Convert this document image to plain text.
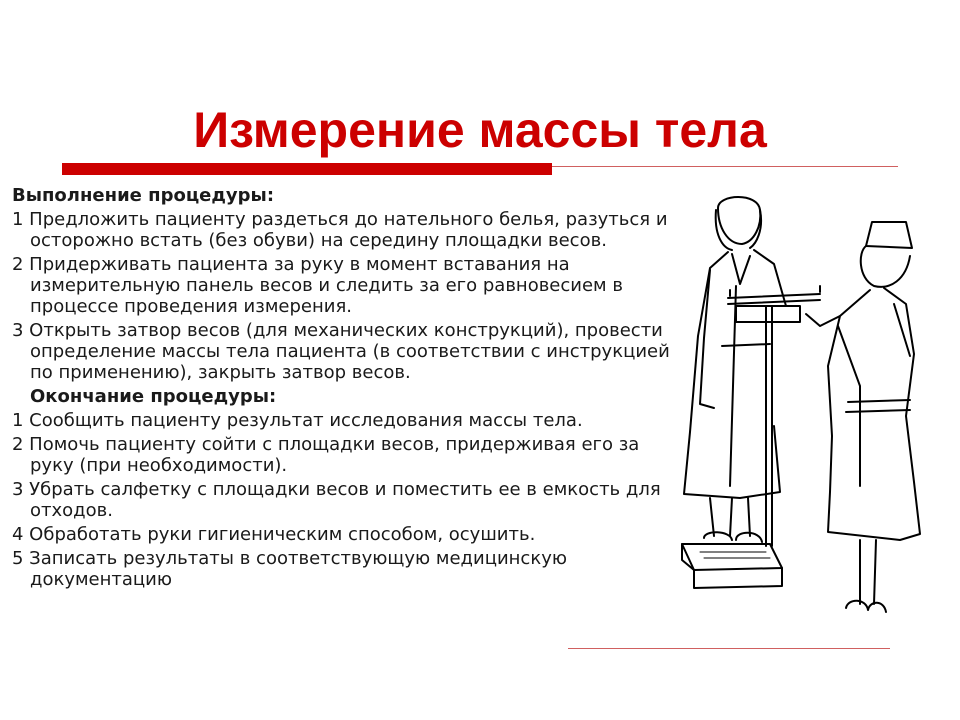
Измерение массы тела
Выполнение процедуры:
1 Предложить пациенту раздеться до нательного белья, разуться и осторожно встать (без обуви) на середину площадки весов.
2 Придерживать пациента за руку в момент вставания на измерительную панель весов и следить за его равновесием в процессе проведения измерения.
3 Открыть затвор весов (для механических конструкций), провести определение массы тела пациента (в соответствии с инструкцией по применению), закрыть затвор весов.
Окончание процедуры:
1 Сообщить пациенту результат исследования массы тела.
2 Помочь пациенту сойти с площадки весов, придерживая его за руку (при необходимости).
3 Убрать салфетку с площадки весов и поместить ее в емкость для отходов.
4 Обработать руки гигиеническим способом, осушить.
5 Записать результаты в соответствующую медицинскую документацию
